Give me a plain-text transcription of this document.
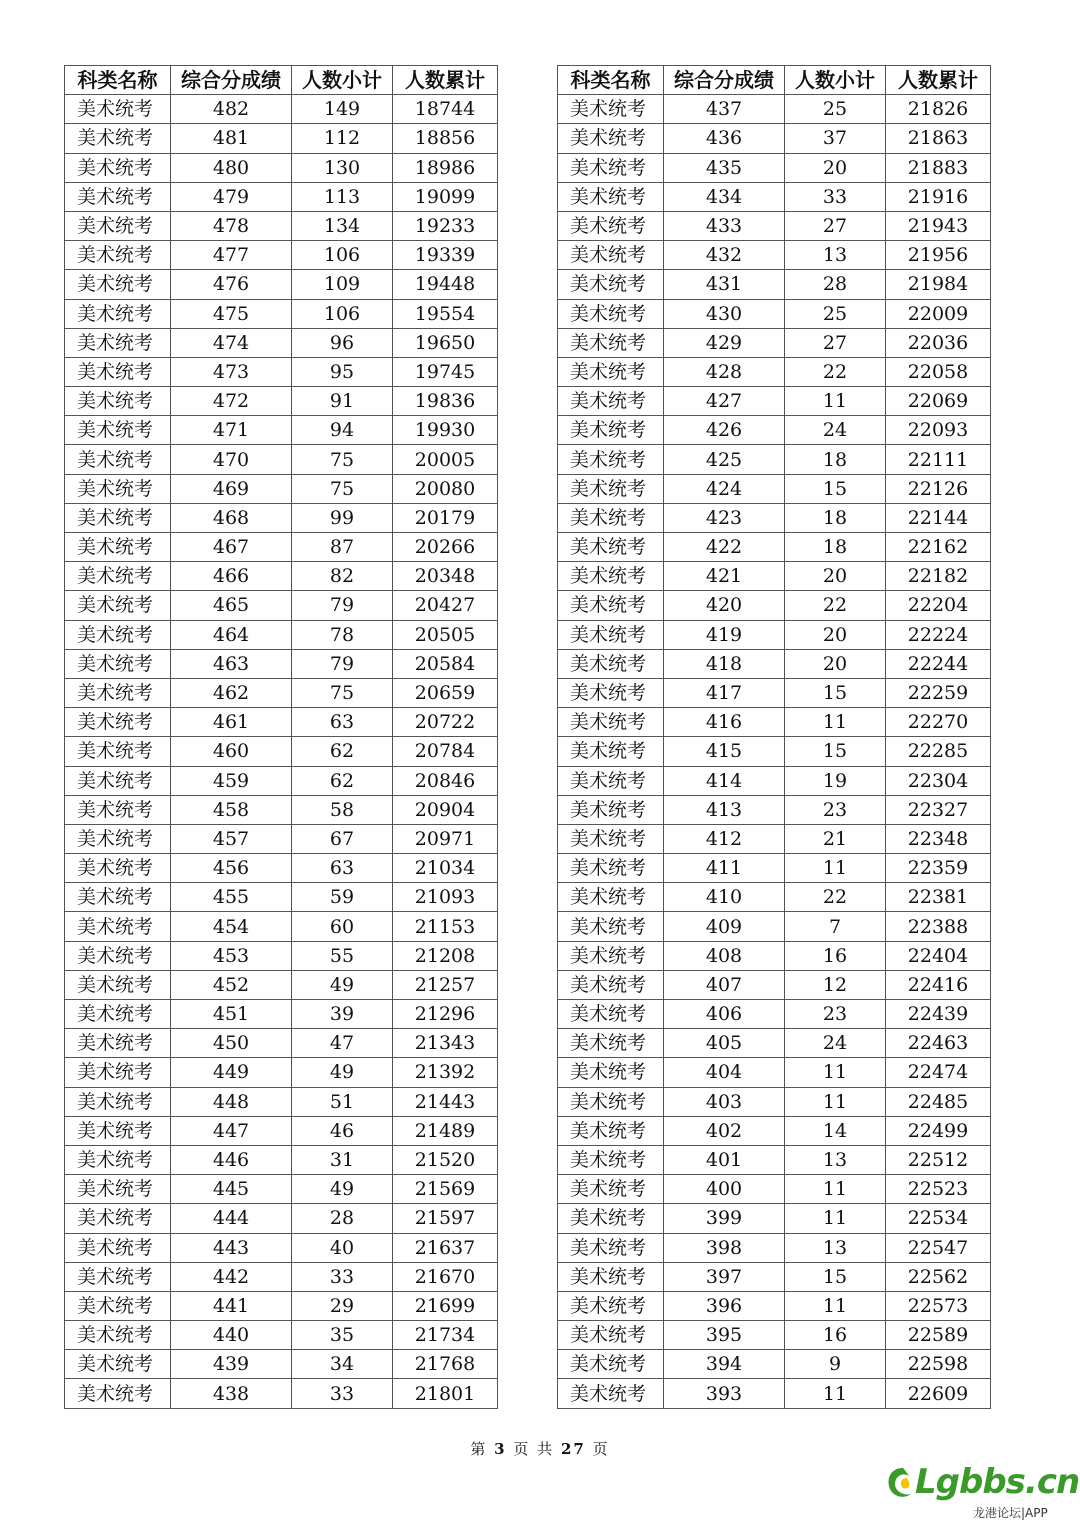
科类名称	综合分成绩	人数小计	人数累计
美术统考	482	149	18744
美术统考	481	112	18856
美术统考	480	130	18986
美术统考	479	113	19099
美术统考	478	134	19233
美术统考	477	106	19339
美术统考	476	109	19448
美术统考	475	106	19554
美术统考	474	96	19650
美术统考	473	95	19745
美术统考	472	91	19836
美术统考	471	94	19930
美术统考	470	75	20005
美术统考	469	75	20080
美术统考	468	99	20179
美术统考	467	87	20266
美术统考	466	82	20348
美术统考	465	79	20427
美术统考	464	78	20505
美术统考	463	79	20584
美术统考	462	75	20659
美术统考	461	63	20722
美术统考	460	62	20784
美术统考	459	62	20846
美术统考	458	58	20904
美术统考	457	67	20971
美术统考	456	63	21034
美术统考	455	59	21093
美术统考	454	60	21153
美术统考	453	55	21208
美术统考	452	49	21257
美术统考	451	39	21296
美术统考	450	47	21343
美术统考	449	49	21392
美术统考	448	51	21443
美术统考	447	46	21489
美术统考	446	31	21520
美术统考	445	49	21569
美术统考	444	28	21597
美术统考	443	40	21637
美术统考	442	33	21670
美术统考	441	29	21699
美术统考	440	35	21734
美术统考	439	34	21768
美术统考	438	33	21801
科类名称	综合分成绩	人数小计	人数累计
美术统考	437	25	21826
美术统考	436	37	21863
美术统考	435	20	21883
美术统考	434	33	21916
美术统考	433	27	21943
美术统考	432	13	21956
美术统考	431	28	21984
美术统考	430	25	22009
美术统考	429	27	22036
美术统考	428	22	22058
美术统考	427	11	22069
美术统考	426	24	22093
美术统考	425	18	22111
美术统考	424	15	22126
美术统考	423	18	22144
美术统考	422	18	22162
美术统考	421	20	22182
美术统考	420	22	22204
美术统考	419	20	22224
美术统考	418	20	22244
美术统考	417	15	22259
美术统考	416	11	22270
美术统考	415	15	22285
美术统考	414	19	22304
美术统考	413	23	22327
美术统考	412	21	22348
美术统考	411	11	22359
美术统考	410	22	22381
美术统考	409	7	22388
美术统考	408	16	22404
美术统考	407	12	22416
美术统考	406	23	22439
美术统考	405	24	22463
美术统考	404	11	22474
美术统考	403	11	22485
美术统考	402	14	22499
美术统考	401	13	22512
美术统考	400	11	22523
美术统考	399	11	22534
美术统考	398	13	22547
美术统考	397	15	22562
美术统考	396	11	22573
美术统考	395	16	22589
美术统考	394	9	22598
美术统考	393	11	22609
第 3 页 共 27 页
Lgbbs.cn
龙港论坛|APP
